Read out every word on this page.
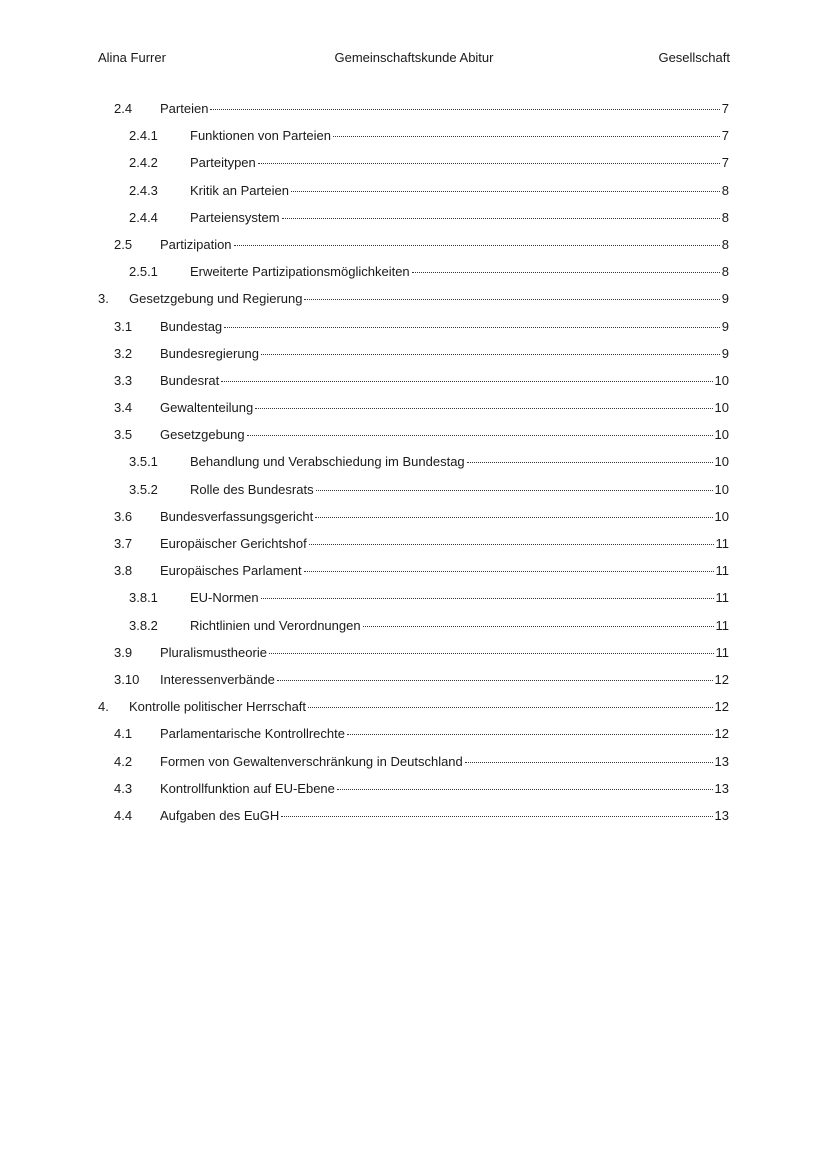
Alina Furrer	Gemeinschaftskunde Abitur	Gesellschaft
2.4 Parteien	7
2.4.1 Funktionen von Parteien	7
2.4.2 Parteitypen	7
2.4.3 Kritik an Parteien	8
2.4.4 Parteiensystem	8
2.5 Partizipation	8
2.5.1 Erweiterte Partizipationsmöglichkeiten	8
3. Gesetzgebung und Regierung	9
3.1 Bundestag	9
3.2 Bundesregierung	9
3.3 Bundesrat	10
3.4 Gewaltenteilung	10
3.5 Gesetzgebung	10
3.5.1 Behandlung und Verabschiedung im Bundestag	10
3.5.2 Rolle des Bundesrats	10
3.6 Bundesverfassungsgericht	10
3.7 Europäischer Gerichtshof	11
3.8 Europäisches Parlament	11
3.8.1 EU-Normen	11
3.8.2 Richtlinien und Verordnungen	11
3.9 Pluralismustheorie	11
3.10 Interessenverbände	12
4. Kontrolle politischer Herrschaft	12
4.1 Parlamentarische Kontrollrechte	12
4.2 Formen von Gewaltenverschränkung in Deutschland	13
4.3 Kontrollfunktion auf EU-Ebene	13
4.4 Aufgaben des EuGH	13
